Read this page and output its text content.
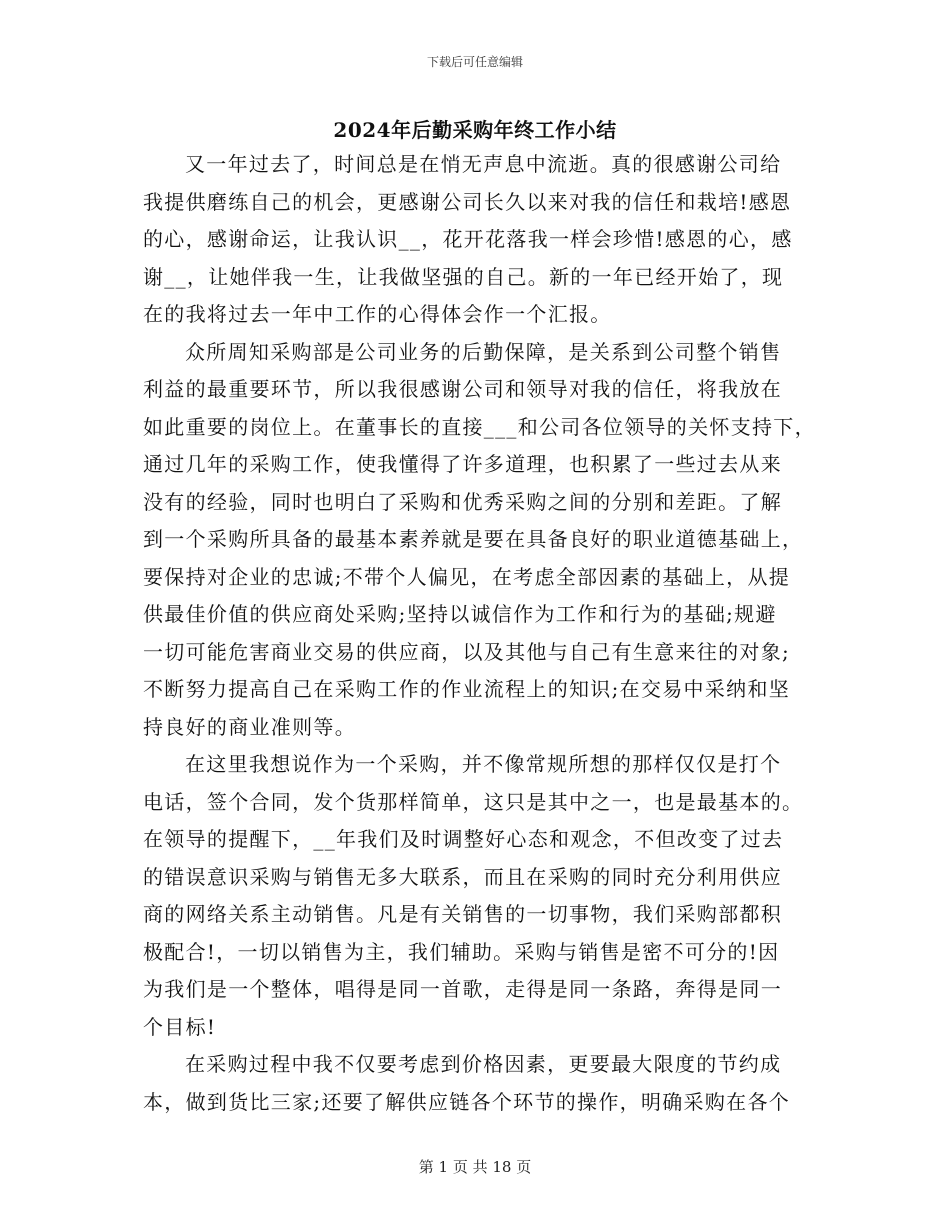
下载后可任意编辑
2024年后勤采购年终工作小结
又一年过去了，时间总是在悄无声息中流逝。真的很感谢公司给
我提供磨练自己的机会，更感谢公司长久以来对我的信任和栽培!感恩
的心，感谢命运，让我认识__，花开花落我一样会珍惜!感恩的心，感
谢__，让她伴我一生，让我做坚强的自己。新的一年已经开始了，现
在的我将过去一年中工作的心得体会作一个汇报。
众所周知采购部是公司业务的后勤保障，是关系到公司整个销售
利益的最重要环节，所以我很感谢公司和领导对我的信任，将我放在
如此重要的岗位上。在董事长的直接___和公司各位领导的关怀支持下，
通过几年的采购工作，使我懂得了许多道理，也积累了一些过去从来
没有的经验，同时也明白了采购和优秀采购之间的分别和差距。了解
到一个采购所具备的最基本素养就是要在具备良好的职业道德基础上，
要保持对企业的忠诚;不带个人偏见，在考虑全部因素的基础上，从提
供最佳价值的供应商处采购;坚持以诚信作为工作和行为的基础;规避
一切可能危害商业交易的供应商，以及其他与自己有生意来往的对象;
不断努力提高自己在采购工作的作业流程上的知识;在交易中采纳和坚
持良好的商业准则等。
在这里我想说作为一个采购，并不像常规所想的那样仅仅是打个
电话，签个合同，发个货那样简单，这只是其中之一，也是最基本的。
在领导的提醒下，__年我们及时调整好心态和观念，不但改变了过去
的错误意识采购与销售无多大联系，而且在采购的同时充分利用供应
商的网络关系主动销售。凡是有关销售的一切事物，我们采购部都积
极配合!，一切以销售为主，我们辅助。采购与销售是密不可分的!因
为我们是一个整体，唱得是同一首歌，走得是同一条路，奔得是同一
个目标!
在采购过程中我不仅要考虑到价格因素，更要最大限度的节约成
本，做到货比三家;还要了解供应链各个环节的操作，明确采购在各个
第 1 页 共 18 页
